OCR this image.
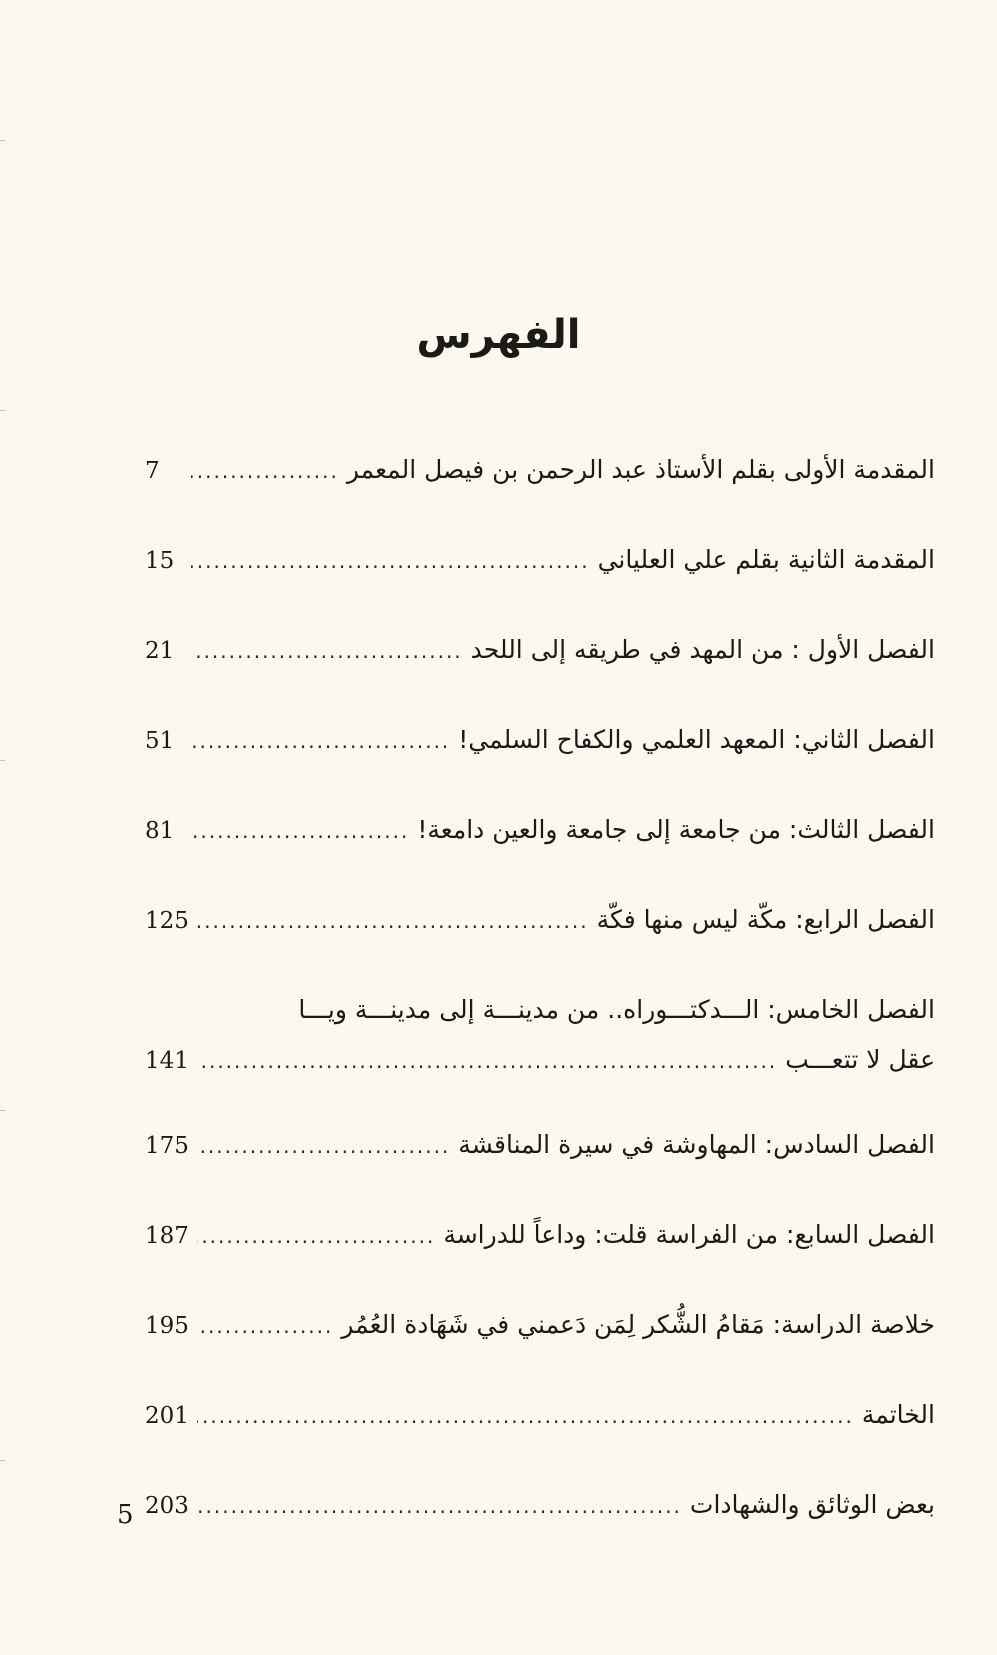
الفهرس
المقدمة الأولى بقلم الأستاذ عبد الرحمن بن فيصل المعمر
.....
7
المقدمة الثانية بقلم علي العلياني
.....
15
الفصل الأول : من المهد في طريقه إلى اللحد
.....
21
الفصل الثاني: المعهد العلمي والكفاح السلمي!
.....
51
الفصل الثالث: من جامعة إلى جامعة والعين دامعة!
.....
81
الفصل الرابع: مكّة ليس منها فكّة
.....
125
الفصل الخامس: الـــدكتـــوراه.. من مدينـــة إلى مدينـــة ويـــا
عقل لا تتعـــب
.....
141
الفصل السادس: المهاوشة في سيرة المناقشة
.....
175
الفصل السابع: من الفراسة قلت: وداعاً للدراسة
.....
187
خلاصة الدراسة: مَقامُ الشُّكر لِمَن دَعمني في شَهَادة العُمُر
.....
195
الخاتمة
.....
201
بعض الوثائق والشهادات
.....
203
5
